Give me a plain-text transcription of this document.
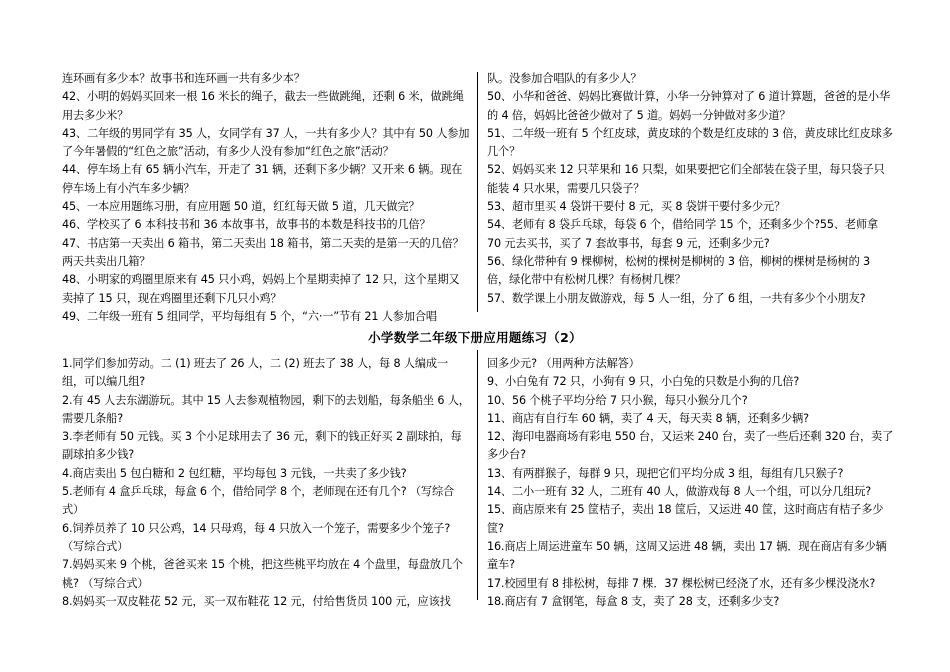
连环画有多少本？故事书和连环画一共有多少本？

42、小明的妈妈买回来一根 16 米长的绳子，截去一些做跳绳，还剩 6 米，做跳绳用去多少米？

43、二年级的男同学有 35 人，女同学有 37 人，一共有多少人？其中有 50 人参加了今年暑假的“红色之旅”活动，有多少人没有参加“红色之旅”活动？

44、停车场上有 65 辆小汽车，开走了 31 辆，还剩下多少辆？又开来 6 辆。现在停车场上有小汽车多少辆？

45、一本应用题练习册，有应用题 50 道，红红每天做 5 道，几天做完？

46、学校买了 6 本科技书和 36 本故事书，故事书的本数是科技书的几倍？

47、书店第一天卖出 6 箱书，第二天卖出 18 箱书，第二天卖的是第一天的几倍？两天共卖出几箱？

48、小明家的鸡圈里原来有 45 只小鸡，妈妈上个星期卖掉了 12 只，这个星期又卖掉了 15 只，现在鸡圈里还剩下几只小鸡？

49、二年级一班有 5 组同学，平均每组有 5 个，“六·一”节有 21 人参加合唱

队。没参加合唱队的有多少人？

50、小华和爸爸、妈妈比赛做计算，小华一分钟算对了 6 道计算题，爸爸的是小华的 4 倍，妈妈比爸爸少做对了 5 道。妈妈一分钟做对多少道？

51、二年级一班有 5 个红皮球，黄皮球的个数是红皮球的 3 倍，黄皮球比红皮球多几个？

52、妈妈买来 12 只苹果和 16 只梨，如果要把它们全部装在袋子里，每只袋子只能装 4 只水果，需要几只袋子？

53、超市里买 4 袋饼干要付 8 元，买 8 袋饼干要付多少元？

54、老师有 8 袋乒乓球，每袋 6 个，借给同学 15 个，还剩多少个?55、老师拿 70 元去买书，买了 7 套故事书，每套 9 元，还剩多少元?

56、绿化带种有 9 棵柳树，松树的棵树是柳树的 3 倍，柳树的棵树是杨树的 3 倍，绿化带中有松树几棵？有杨树几棵？

57、数学课上小朋友做游戏，每 5 人一组，分了 6 组，一共有多少个小朋友?

小学数学二年级下册应用题练习（2）

1.同学们参加劳动。二 (1) 班去了 26 人，二 (2) 班去了 38 人，每 8 人编成一组，可以编几组?

2.有 45 人去东湖游玩。其中 15 人去参观植物园，剩下的去划船，每条船坐 6 人，需要几条船?

3.李老师有 50 元钱。买 3 个小足球用去了 36 元，剩下的钱正好买 2 副球拍，每副球拍多少钱?

4.商店卖出 5 包白糖和 2 包红糖，平均每包 3 元钱，一共卖了多少钱?

5.老师有 4 盒乒乓球，每盒 6 个，借给同学 8 个，老师现在还有几个? （写综合式）

6.饲养员养了 10 只公鸡，14 只母鸡，每 4 只放入一个笼子，需要多少个笼子? （写综合式）

7.妈妈买来 9 个桃，爸爸买来 15 个桃，把这些桃平均放在 4 个盘里，每盘放几个桃? （写综合式）

8.妈妈买一双皮鞋花 52 元，买一双布鞋花 12 元，付给售货员 100 元，应该找

回多少元? （用两种方法解答）

9、小白兔有 72 只，小狗有 9 只，小白兔的只数是小狗的几倍?

10、56 个桃子平均分给 7 只小猴，每只小猴分几个?

11、商店有自行车 60 辆，卖了 4 天，每天卖 8 辆，还剩多少辆?

12、海印电器商场有彩电 550 台，又运来 240 台，卖了一些后还剩 320 台，卖了多少台?

13、有两群猴子，每群 9 只，现把它们平均分成 3 组，每组有几只猴子?

14、二小一班有 32 人，二班有 40 人，做游戏每 8 人一个组，可以分几组玩?

15、商店原来有 25 筐桔子，卖出 18 筐后，又运进 40 筐，这时商店有桔子多少筐?

16.商店上周运进童车 50 辆，这周又运进 48 辆，卖出 17 辆．现在商店有多少辆童车?

17.校园里有 8 排松树，每排 7 棵．37 棵松树已经浇了水，还有多少棵没浇水?

18.商店有 7 盒钢笔，每盒 8 支，卖了 28 支，还剩多少支?
